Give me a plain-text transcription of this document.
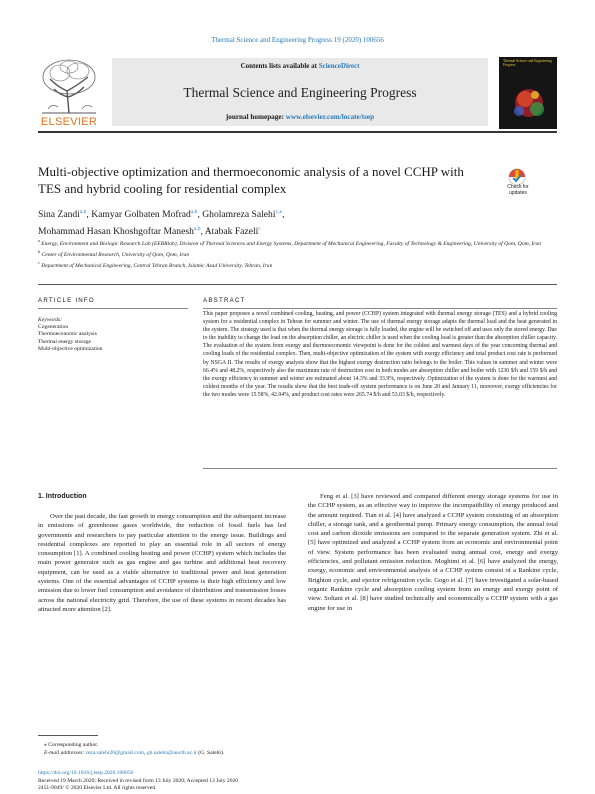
Thermal Science and Engineering Progress 19 (2020) 100656
ELSEVIER
Contents lists available at ScienceDirect
Thermal Science and Engineering Progress
journal homepage: www.elsevier.com/locate/tsep
Thermal Science and Engineering Progress
Multi-objective optimization and thermoeconomic analysis of a novel CCHP with TES and hybrid cooling for residential complex	Check for
updates
Sina Zandi$^{a,b}$, Kamyar Golbaten Mofrad$^{a,b}$, Gholamreza Salehi$^{c,⁎}$,
Mohammad Hasan Khoshgoftar Manesh$^{a,b}$, Atabak Fazeli$^c$
$^a$ Energy, Environment and Biologic Research Lab (EEBRlab), Division of Thermal Sciences and Energy Systems, Department of Mechanical Engineering, Faculty of Technology & Engineering, University of Qom, Qom, Iran
$^b$ Center of Environmental Research, University of Qom, Qom, Iran
$^c$ Department of Mechanical Engineering, Central Tehran Branch, Islamic Azad University, Tehran, Iran
ARTICLE INFO	ABSTRACT
Keywords:
Cogeneration
Thermoeconomic analysis
Thermal energy storage
Multi-objective optimization
This paper proposes a novel combined cooling, heating, and power (CCHP) system integrated with thermal energy storage (TES) and a hybrid cooling system for a residential complex in Tehran for summer and winter. The use of thermal energy storage adapts the thermal load and the heat generated in the system. The strategy used is that when the thermal energy storage is fully loaded, the engine will be switched off and uses only the stored energy. Due to the inability to change the load on the absorption chiller, an electric chiller is used when the cooling load is greater than the absorption chiller capacity. The evaluation of the system from exergy and thermoeconomic viewpoint is done for the coldest and warmest days of the year concerning thermal and cooling loads of the residential complex. Then, multi-objective optimization of the system with exergy efficiency and total product cost rate is performed by NSGA II. The results of exergy analysis show that the highest exergy destruction ratio belongs to the boiler. This values in summer and winter were 66.4% and 48.2%, respectively also the maximum rate of destruction cost in both modes are absorption chiller and boiler with 1230 $/h and 159 $/h and the exergy efficiency in summer and winter are estimated about 14.3% and 33.9%, respectively. Optimization of the system is done for the warmest and coldest months of the year. The results show that the best trade-off system performance is on June 20 and January 11, moreover, exergy efficiencies for the two modes were 15.58%, 42.04%, and product cost rates were 265.74 $/h and 53.03 $/h, respectively.
1. Introduction
Over the past decade, the fast growth in energy consumption and the subsequent increase in emissions of greenhouse gases worldwide, the reduction of fossil fuels has led governments and researchers to pay particular attention to the energy issue. Buildings and residential complexes are reported to play an essential role in all sectors of energy consumption [1]. A combined cooling heating and power (CCHP) system which includes the main power generator such as gas engine and gas turbine and additional heat recovery equipment, can be used as a viable alternative to traditional power and heat generation systems. One of the essential advantages of CCHP systems is their high efficiency and low emission due to lower fuel consumption and avoidance of distribution and transmission losses across the national electricity grid. Therefore, the use of these systems in recent decades has attracted more attention [2].
Feng et al. [3] have reviewed and compared different energy storage systems for use in the CCHP system, as an effective way to improve the incompatibility of energy produced and the amount required. Tian et al. [4] have analyzed a CCHP system consisting of an absorption chiller, a storage tank, and a geothermal pump. Primary energy consumption, the annual total cost and carbon dioxide emissions are compared to the separate generation system. Zhi et al. [5] have optimized and analyzed a CCHP system from an economic and environmental point of view. System performance has been evaluated using annual cost, energy and exergy efficiencies, and pollutant emission reduction. Moghimi et al. [6] have analyzed the energy, exergy, economic and environmental analysis of a CCHP system consist of a Rankine cycle, Brighton cycle, and ejector refrigeration cycle. Gogo et al. [7] have investigated a solar-based organic Rankine cycle and absorption cooling system from an energy and exergy point of view. Soltani et al. [8] have studied technically and economically a CCHP system with a gas engine for use in
⁎ Corresponding author.
E-mail addresses: reza.salehi20@gmail.com, gh.salehi@iauctb.ac.ir (G. Salehi).
https://doi.org/10.1016/j.tsep.2020.100656
Received 19 March 2020; Received in revised form 13 July 2020; Accepted 13 July 2020
2451-9049/ © 2020 Elsevier Ltd. All rights reserved.
